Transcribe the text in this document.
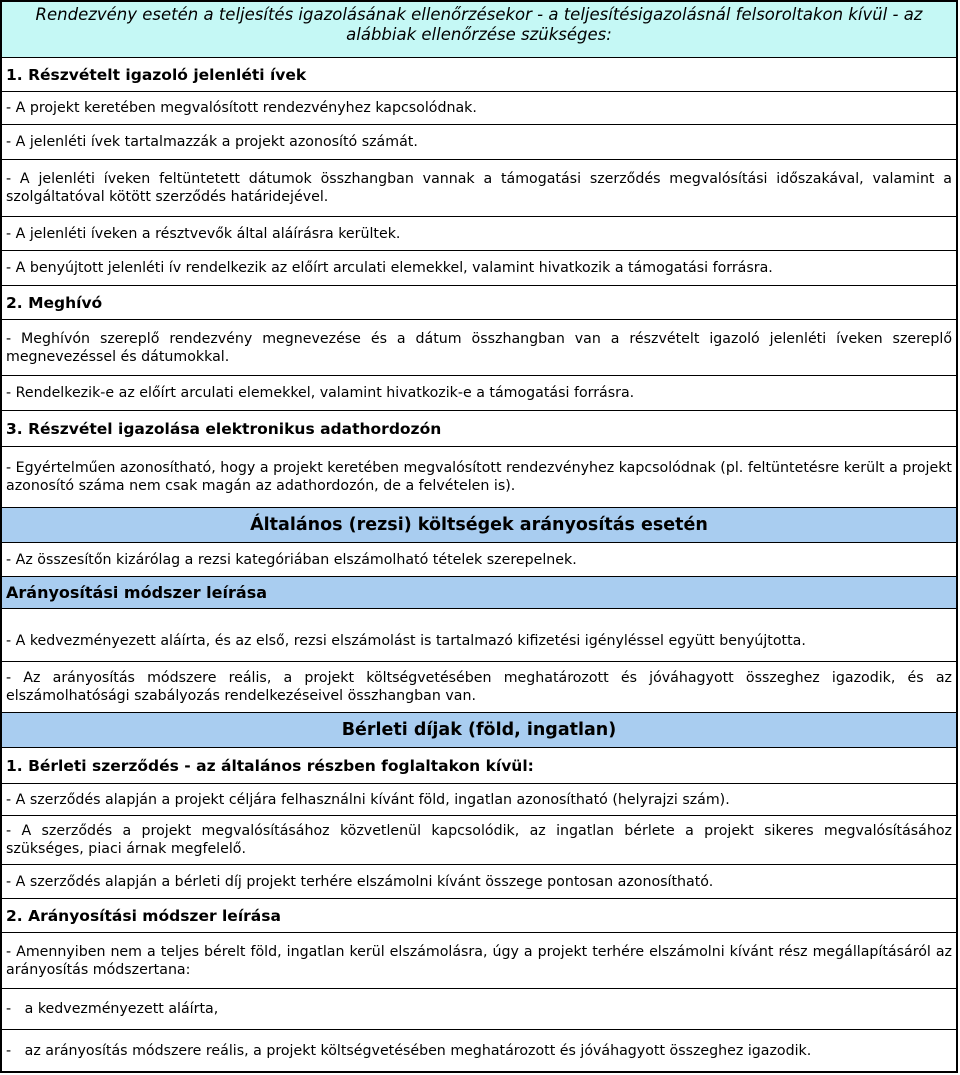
Rendezvény esetén a teljesítés igazolásának ellenőrzésekor - a teljesítésigazolásnál felsoroltakon kívül - az alábbiak ellenőrzése szükséges:
1. Részvételt igazoló jelenléti ívek
- A projekt keretében megvalósított rendezvényhez kapcsolódnak.
- A jelenléti ívek tartalmazzák a projekt azonosító számát.
- A jelenléti íveken feltüntetett dátumok összhangban vannak a támogatási szerződés megvalósítási időszakával, valamint a szolgáltatóval kötött szerződés határidejével.
- A jelenléti íveken a résztvevők által aláírásra kerültek.
- A benyújtott jelenléti ív rendelkezik az előírt arculati elemekkel, valamint hivatkozik a támogatási forrásra.
2. Meghívó
- Meghívón szereplő rendezvény megnevezése és a dátum összhangban van a részvételt igazoló jelenléti íveken szereplő megnevezéssel és dátumokkal.
- Rendelkezik-e az előírt arculati elemekkel, valamint hivatkozik-e a támogatási forrásra.
3. Részvétel igazolása elektronikus adathordozón
- Egyértelműen azonosítható, hogy a projekt keretében megvalósított rendezvényhez kapcsolódnak (pl. feltüntetésre került a projekt azonosító száma nem csak magán az adathordozón, de a felvételen is).
Általános (rezsi) költségek arányosítás esetén
- Az összesítőn kizárólag a rezsi kategóriában elszámolható tételek szerepelnek.
Arányosítási módszer leírása
- A kedvezményezett aláírta, és az első, rezsi elszámolást is tartalmazó kifizetési igényléssel együtt benyújtotta.
- Az arányosítás módszere reális, a projekt költségvetésében meghatározott és jóváhagyott összeghez igazodik, és az elszámolhatósági szabályozás rendelkezéseivel összhangban van.
Bérleti díjak (föld, ingatlan)
1. Bérleti szerződés - az általános részben foglaltakon kívül:
- A szerződés alapján a projekt céljára felhasználni kívánt föld, ingatlan azonosítható (helyrajzi szám).
- A szerződés a projekt megvalósításához közvetlenül kapcsolódik, az ingatlan bérlete a projekt sikeres megvalósításához szükséges, piaci árnak megfelelő.
- A szerződés alapján a bérleti díj projekt terhére elszámolni kívánt összege pontosan azonosítható.
2. Arányosítási módszer leírása
- Amennyiben nem a teljes bérelt föld, ingatlan kerül elszámolásra, úgy a projekt terhére elszámolni kívánt rész megállapításáról az arányosítás módszertana:
-   a kedvezményezett aláírta,
-   az arányosítás módszere reális, a projekt költségvetésében meghatározott és jóváhagyott összeghez igazodik.
